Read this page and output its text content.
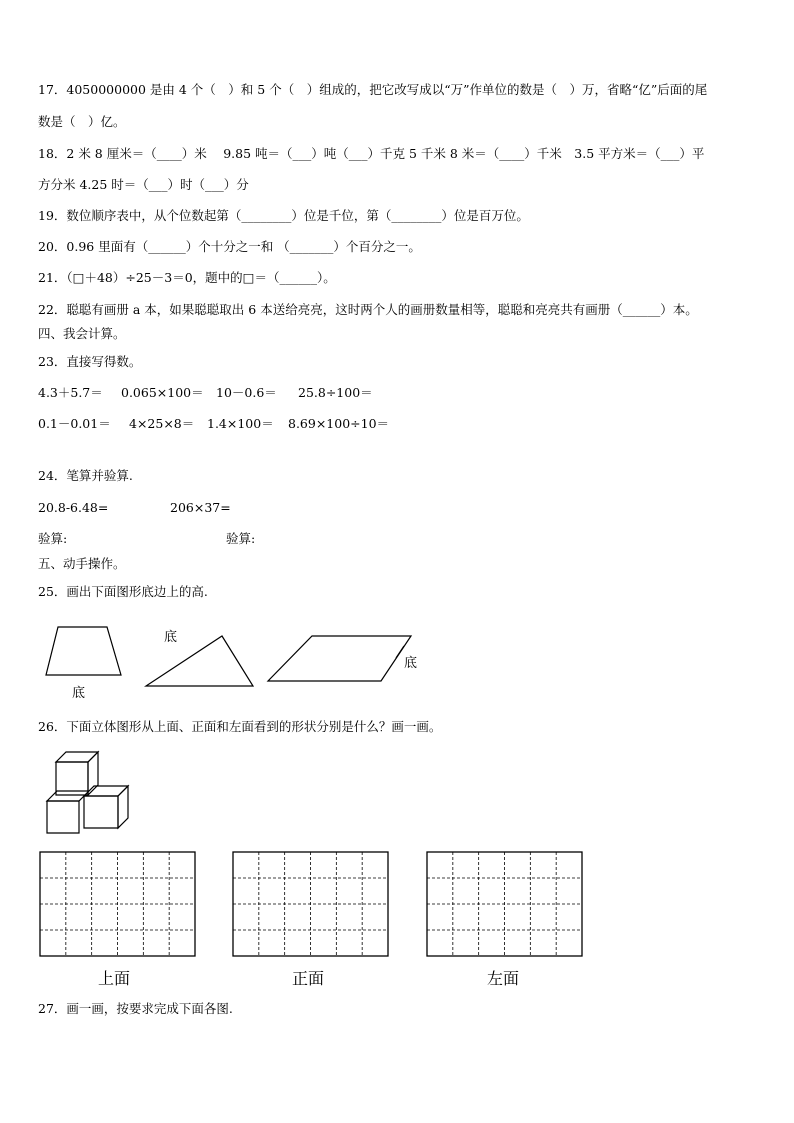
17．4050000000 是由 4 个（　）和 5 个（　）组成的，把它改写成以“万”作单位的数是（　）万，省略“亿”后面的尾
数是（　）亿。
18．2 米 8 厘米＝（____）米　 9.85 吨＝（___）吨（___）千克 5 千米 8 米＝（____）千米　3.5 平方米＝（___）平
方分米 4.25 时＝（___）时（___）分
19．数位顺序表中，从个位数起第（________）位是千位，第（________）位是百万位。
20．0.96 里面有（______）个十分之一和 （_______）个百分之一。
21．（□＋48）÷25－3＝0，题中的□＝（______）。
22．聪聪有画册 a 本，如果聪聪取出 6 本送给亮亮，这时两个人的画册数量相等，聪聪和亮亮共有画册（______）本。
四、我会计算。
23．直接写得数。
4.3＋5.7＝ 0.065×100＝ 10－0.6＝ 25.8÷100＝
0.1－0.01＝ 4×25×8＝ 1.4×100＝ 8.69×100÷10＝
24．笔算并验算.
20.8-6.48=	206×37=
验算:	验算:
五、动手操作。
25．画出下面图形底边上的高.
底
底
底
26．下面立体图形从上面、正面和左面看到的形状分别是什么？画一画。
上面	正面	左面
27．画一画，按要求完成下面各图.
